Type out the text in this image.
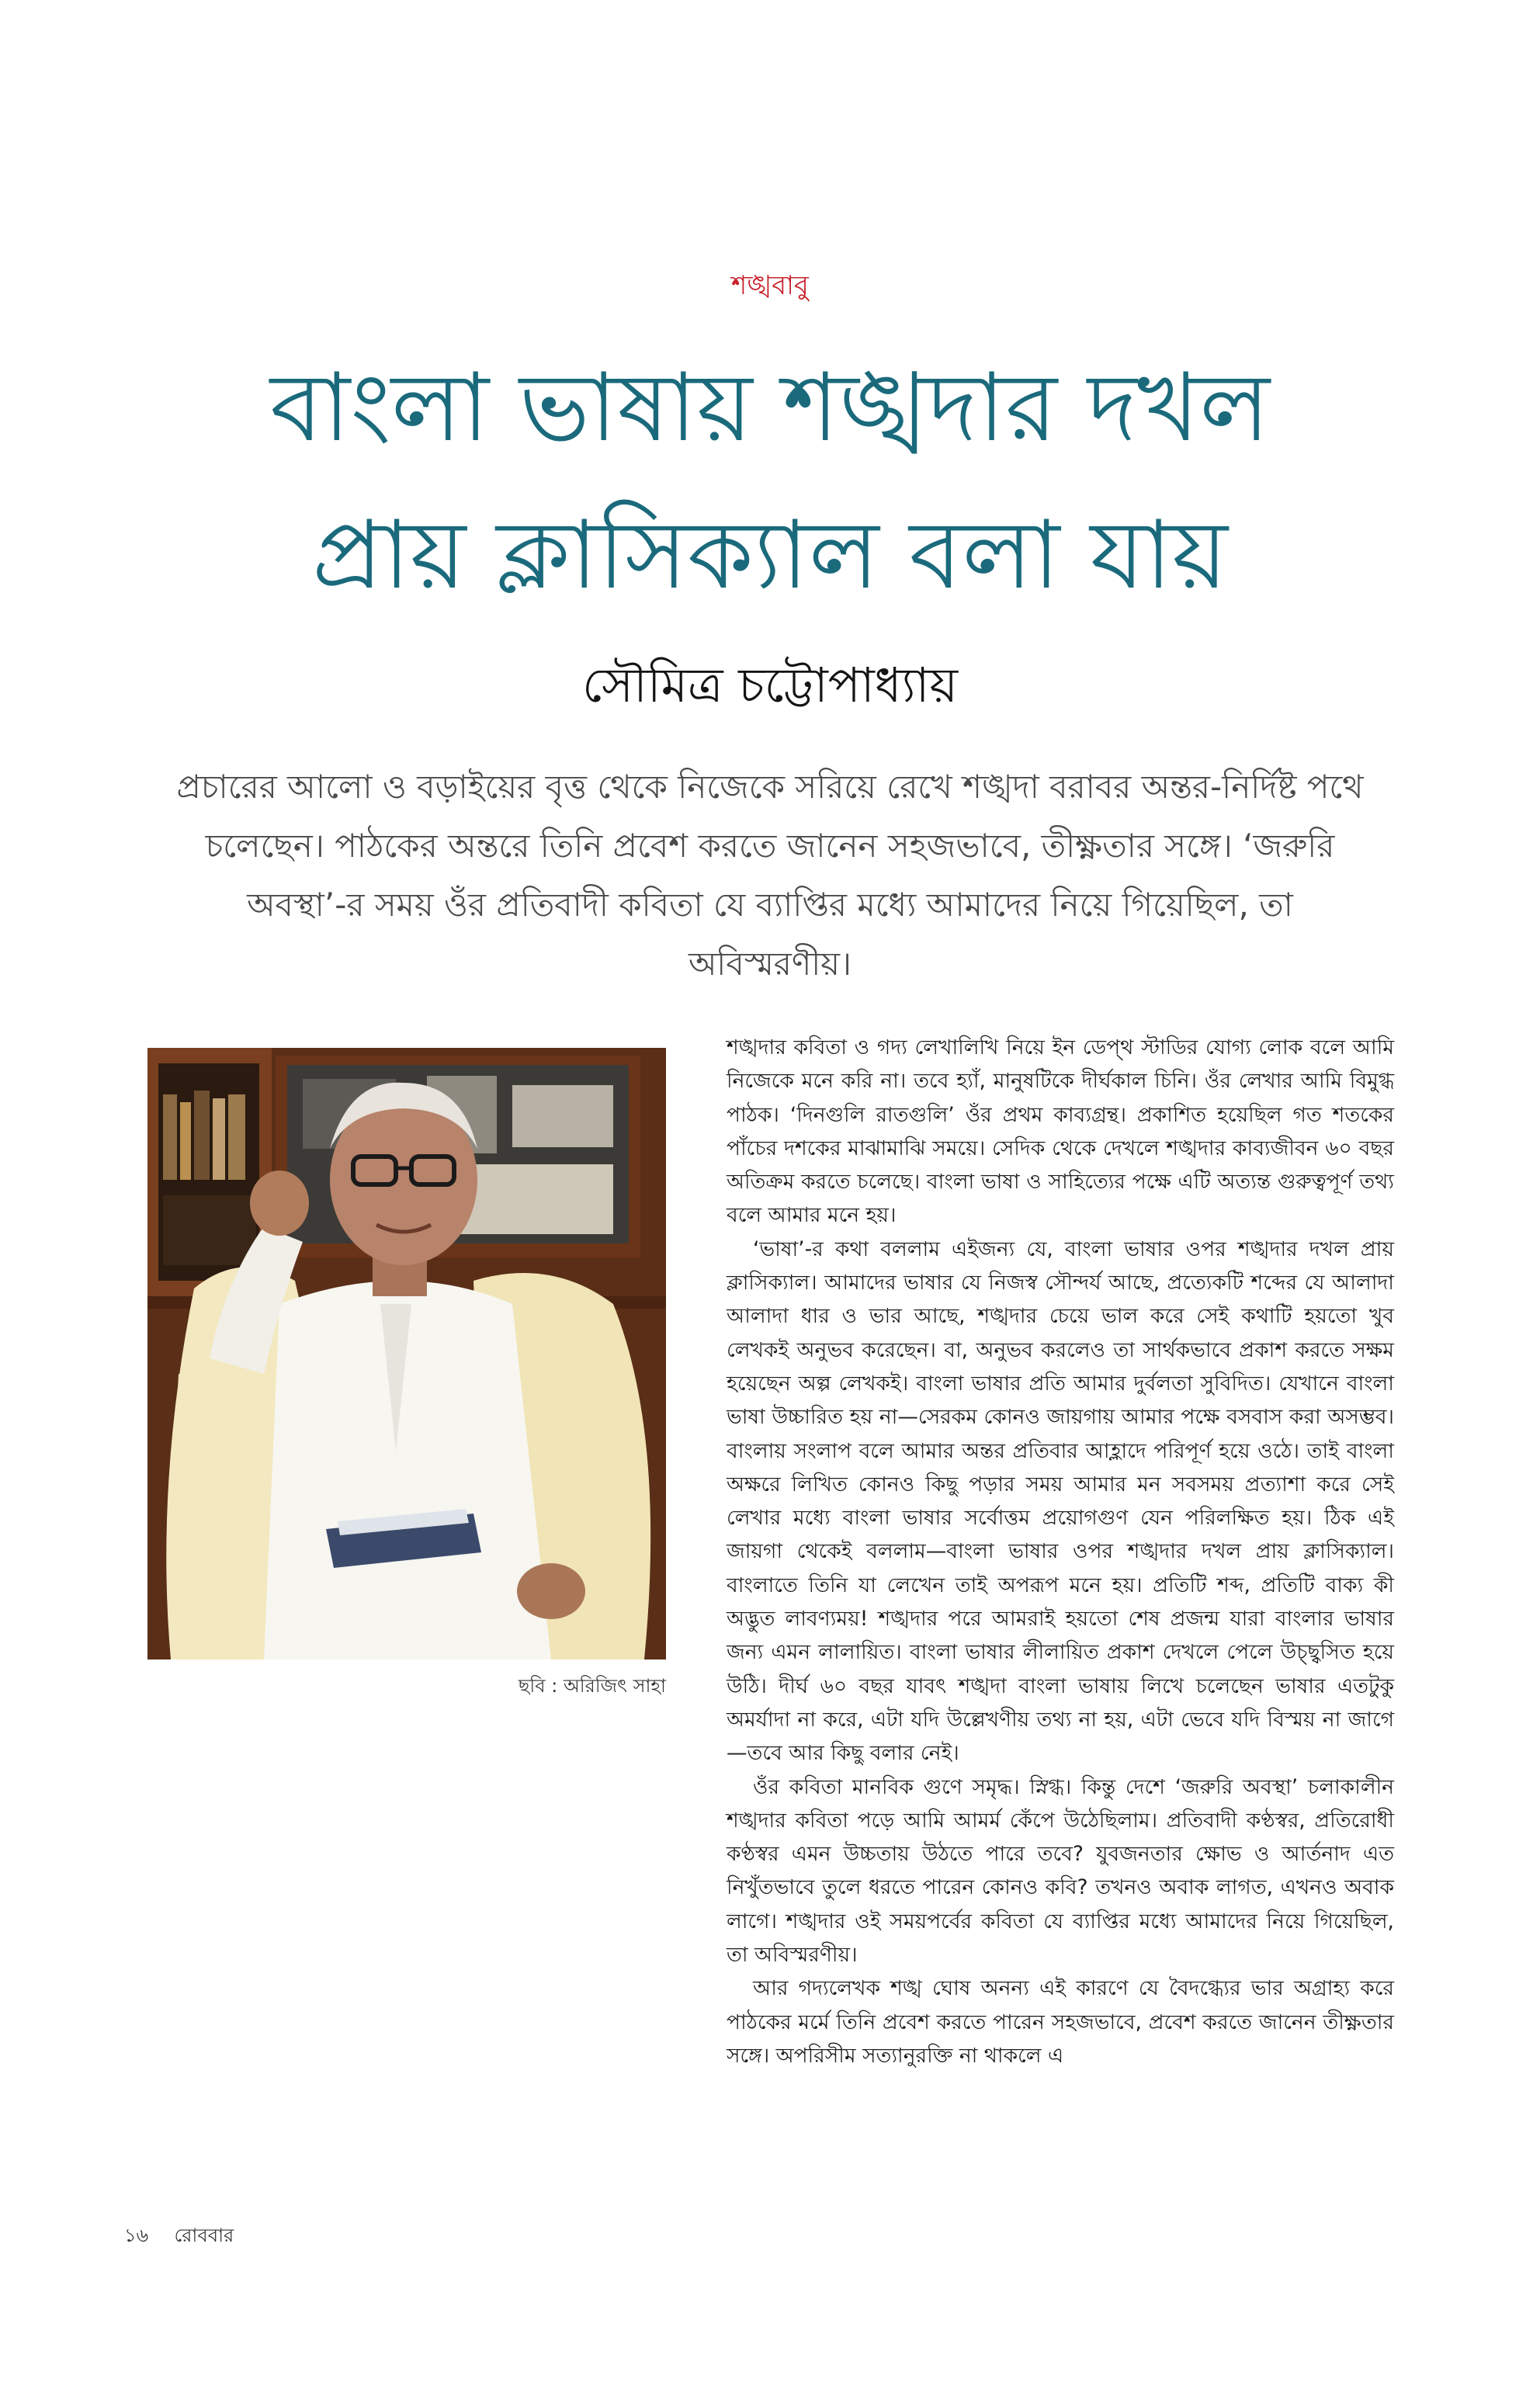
শঙ্খবাবু
বাংলা ভাষায় শঙ্খদার দখল
প্রায় ক্লাসিক্যাল বলা যায়
সৌমিত্র চট্টোপাধ্যায়
প্রচারের আলো ও বড়াইয়ের বৃত্ত থেকে নিজেকে সরিয়ে রেখে শঙ্খদা বরাবর অন্তর-নির্দিষ্ট পথে চলেছেন। পাঠকের অন্তরে তিনি প্রবেশ করতে জানেন সহজভাবে, তীক্ষ্ণতার সঙ্গে। ‘জরুরি অবস্থা’-র সময় ওঁর প্রতিবাদী কবিতা যে ব্যাপ্তির মধ্যে আমাদের নিয়ে গিয়েছিল, তা অবিস্মরণীয়।
ছবি : অরিজিৎ সাহা

শঙ্খদার কবিতা ও গদ্য লেখালিখি নিয়ে ইন ডেপ্থ স্টাডির যোগ্য লোক বলে আমি নিজেকে মনে করি না। তবে হ্যাঁ, মানুষটিকে দীর্ঘকাল চিনি। ওঁর লেখার আমি বিমুগ্ধ পাঠক। ‘দিনগুলি রাতগুলি’ ওঁর প্রথম কাব্যগ্রন্থ। প্রকাশিত হয়েছিল গত শতকের পাঁচের দশকের মাঝামাঝি সময়ে। সেদিক থেকে দেখলে শঙ্খদার কাব্যজীবন ৬০ বছর অতিক্রম করতে চলেছে। বাংলা ভাষা ও সাহিত্যের পক্ষে এটি অত্যন্ত গুরুত্বপূর্ণ তথ্য বলে আমার মনে হয়।

‘ভাষা’-র কথা বললাম এইজন্য যে, বাংলা ভাষার ওপর শঙ্খদার দখল প্রায় ক্লাসিক্যাল। আমাদের ভাষার যে নিজস্ব সৌন্দর্য আছে, প্রত্যেকটি শব্দের যে আলাদা আলাদা ধার ও ভার আছে, শঙ্খদার চেয়ে ভাল করে সেই কথাটি হয়তো খুব লেখকই অনুভব করেছেন। বা, অনুভব করলেও তা সার্থকভাবে প্রকাশ করতে সক্ষম হয়েছেন অল্প লেখকই। বাংলা ভাষার প্রতি আমার দুর্বলতা সুবিদিত। যেখানে বাংলা ভাষা উচ্চারিত হয় না—সেরকম কোনও জায়গায় আমার পক্ষে বসবাস করা অসম্ভব। বাংলায় সংলাপ বলে আমার অন্তর প্রতিবার আহ্লাদে পরিপূর্ণ হয়ে ওঠে। তাই বাংলা অক্ষরে লিখিত কোনও কিছু পড়ার সময় আমার মন সবসময় প্রত্যাশা করে সেই লেখার মধ্যে বাংলা ভাষার সর্বোত্তম প্রয়োগগুণ যেন পরিলক্ষিত হয়। ঠিক এই জায়গা থেকেই বললাম—বাংলা ভাষার ওপর শঙ্খদার দখল প্রায় ক্লাসিক্যাল। বাংলাতে তিনি যা লেখেন তাই অপরূপ মনে হয়। প্রতিটি শব্দ, প্রতিটি বাক্য কী অদ্ভুত লাবণ্যময়! শঙ্খদার পরে আমরাই হয়তো শেষ প্রজন্ম যারা বাংলার ভাষার জন্য এমন লালায়িত। বাংলা ভাষার লীলায়িত প্রকাশ দেখলে পেলে উচ্ছ্বসিত হয়ে উঠি। দীর্ঘ ৬০ বছর যাবৎ শঙ্খদা বাংলা ভাষায় লিখে চলেছেন ভাষার এতটুকু অমর্যাদা না করে, এটা যদি উল্লেখণীয় তথ্য না হয়, এটা ভেবে যদি বিস্ময় না জাগে—তবে আর কিছু বলার নেই।

ওঁর কবিতা মানবিক গুণে সমৃদ্ধ। স্নিগ্ধ। কিন্তু দেশে ‘জরুরি অবস্থা’ চলাকালীন শঙ্খদার কবিতা পড়ে আমি আমর্ম কেঁপে উঠেছিলাম। প্রতিবাদী কণ্ঠস্বর, প্রতিরোধী কণ্ঠস্বর এমন উচ্চতায় উঠতে পারে তবে? যুবজনতার ক্ষোভ ও আর্তনাদ এত নিখুঁতভাবে তুলে ধরতে পারেন কোনও কবি? তখনও অবাক লাগত, এখনও অবাক লাগে। শঙ্খদার ওই সময়পর্বের কবিতা যে ব্যাপ্তির মধ্যে আমাদের নিয়ে গিয়েছিল, তা অবিস্মরণীয়।

আর গদ্যলেখক শঙ্খ ঘোষ অনন্য এই কারণে যে বৈদগ্ধ্যের ভার অগ্রাহ্য করে পাঠকের মর্মে তিনি প্রবেশ করতে পারেন সহজভাবে, প্রবেশ করতে জানেন তীক্ষ্ণতার সঙ্গে। অপরিসীম সত্যানুরক্তি না থাকলে এ

১৬ রোববার
